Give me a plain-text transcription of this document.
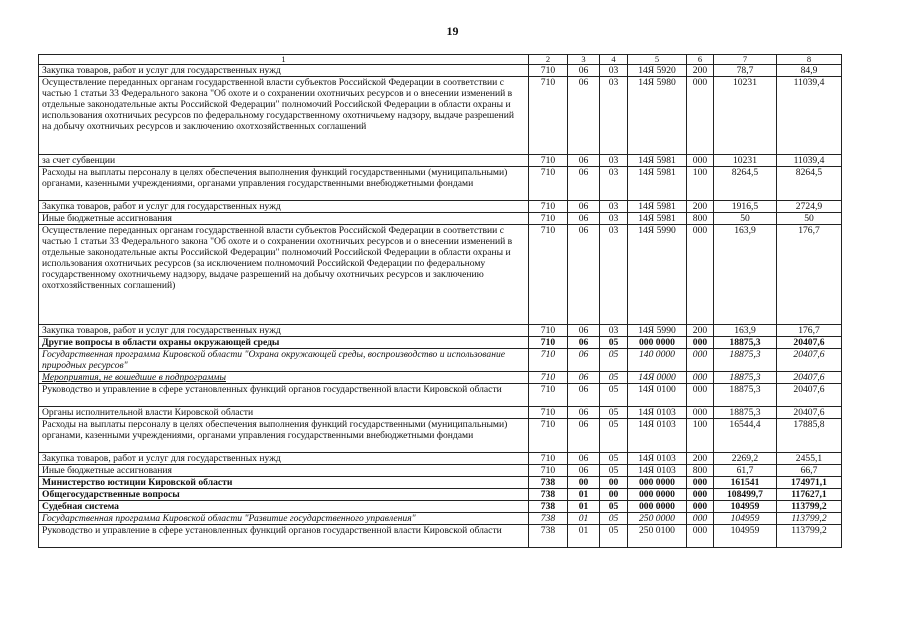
19
1	2	3	4	5	6	7	8
Закупка товаров, работ и услуг для государственных нужд	710	06	03	14Я 5920	200	78,7	84,9
Осуществление переданных органам государственной власти субъектов Российской Федерации в соответствии с частью 1 статьи 33 Федерального закона "Об охоте и о сохранении охотничьих ресурсов и о внесении изменений в отдельные законодательные акты Российской Федерации" полномочий Российской Федерации в области охраны и использования охотничьих ресурсов по федеральному государственному охотничьему надзору, выдаче разрешений на добычу охотничьих ресурсов и заключению охотхозяйственных соглашений	710	06	03	14Я 5980	000	10231	11039,4
за счет субвенции	710	06	03	14Я 5981	000	10231	11039,4
Расходы на выплаты персоналу в целях обеспечения выполнения функций государственными (муниципальными) органами, казенными учреждениями, органами управления государственными внебюджетными фондами	710	06	03	14Я 5981	100	8264,5	8264,5
Закупка товаров, работ и услуг для государственных нужд	710	06	03	14Я 5981	200	1916,5	2724,9
Иные бюджетные ассигнования	710	06	03	14Я 5981	800	50	50
Осуществление переданных органам государственной власти субъектов Российской Федерации в соответствии с частью 1 статьи 33 Федерального закона "Об охоте и о сохранении охотничьих ресурсов и о внесении изменений в отдельные законодательные акты Российской Федерации" полномочий Российской Федерации в области охраны и использования охотничьих ресурсов (за исключением полномочий Российской Федерации по федеральному государственному охотничьему надзору, выдаче разрешений на добычу охотничьих ресурсов и заключению охотхозяйственных соглашений)	710	06	03	14Я 5990	000	163,9	176,7
Закупка товаров, работ и услуг для государственных нужд	710	06	03	14Я 5990	200	163,9	176,7
Другие вопросы в области охраны окружающей среды	710	06	05	000 0000	000	18875,3	20407,6
Государственная программа Кировской области "Охрана окружающей среды, воспроизводство и использование природных ресурсов"	710	06	05	140 0000	000	18875,3	20407,6
Мероприятия, не вошедшие в подпрограммы	710	06	05	14Я 0000	000	18875,3	20407,6
Руководство и управление в сфере установленных функций органов государственной власти Кировской области	710	06	05	14Я 0100	000	18875,3	20407,6
Органы исполнительной власти Кировской области	710	06	05	14Я 0103	000	18875,3	20407,6
Расходы на выплаты персоналу в целях обеспечения выполнения функций государственными (муниципальными) органами, казенными учреждениями, органами управления государственными внебюджетными фондами	710	06	05	14Я 0103	100	16544,4	17885,8
Закупка товаров, работ и услуг для государственных нужд	710	06	05	14Я 0103	200	2269,2	2455,1
Иные бюджетные ассигнования	710	06	05	14Я 0103	800	61,7	66,7
Министерство юстиции Кировской области	738	00	00	000 0000	000	161541	174971,1
Общегосударственные вопросы	738	01	00	000 0000	000	108499,7	117627,1
Судебная система	738	01	05	000 0000	000	104959	113799,2
Государственная программа Кировской области "Развитие государственного управления"	738	01	05	250 0000	000	104959	113799,2
Руководство и управление в сфере установленных функций органов государственной власти Кировской области	738	01	05	250 0100	000	104959	113799,2
